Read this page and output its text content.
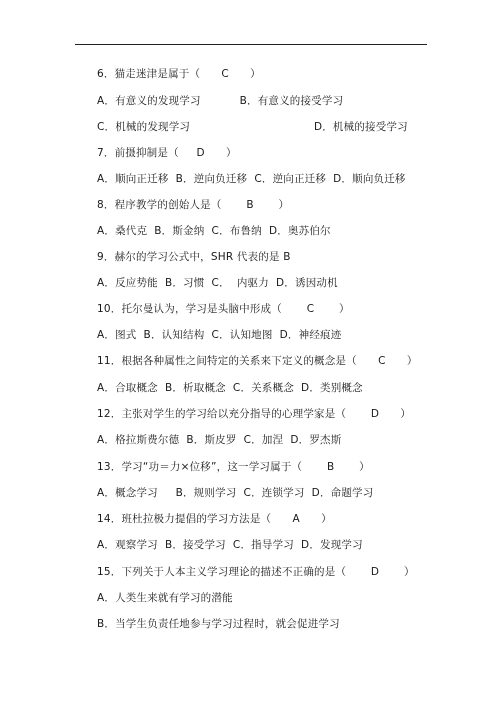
6．猫走迷津是属于（      C      ）
A．有意义的发现学习           B．有意义的接受学习
C．机械的发现学习                                   D．机械的接受学习
7．前摄抑制是（     D      ）
A．顺向正迁移  B．逆向负迁移  C．逆向正迁移  D．顺向负迁移
8．程序教学的创始人是（       B       ）
A．桑代克  B．斯金纳  C．布鲁纳  D．奥苏伯尔
9．赫尔的学习公式中，SHR 代表的是 B
A．反应势能  B．习惯  C．  内驱力  D．诱因动机
10．托尔曼认为，学习是头脑中形成（       C       ）
A．图式  B．认知结构  C．认知地图  D．神经痕迹
11．根据各种属性之间特定的关系来下定义的概念是（      C      ）
A．合取概念  B．析取概念  C．关系概念  D．类别概念
12．主张对学生的学习给以充分指导的心理学家是（       D      ）
A．格拉斯费尔德  B．斯皮罗  C．加涅  D．罗杰斯
13．学习“功＝力×位移”，这一学习属于（       B       ）
A．概念学习     B．规则学习  C．连锁学习  D．命题学习
14．班杜拉极力提倡的学习方法是（      A      ）
A．观察学习  B．接受学习  C．指导学习  D．发现学习
15．下列关于人本主义学习理论的描述不正确的是（       D       ）
A．人类生来就有学习的潜能
B．当学生负责任地参与学习过程时，就会促进学习
